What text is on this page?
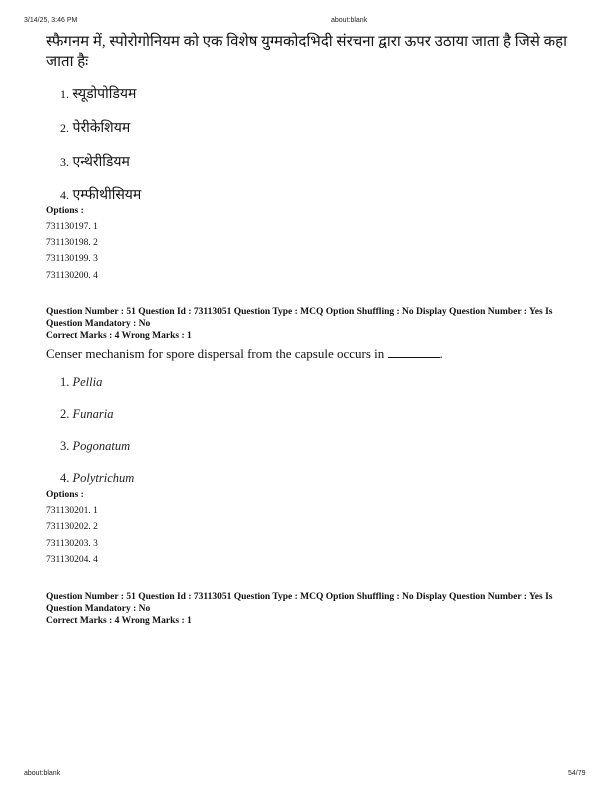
3/14/25, 3:46 PM	about:blank
स्फैगनम में, स्पोरोगोनियम को एक विशेष युग्मकोदभिदी संरचना द्वारा ऊपर उठाया जाता है जिसे कहा जाता हैः
1. स्यूडोपोडियम
2. पेरीकेशियम
3. एन्थेरीडियम
4. एम्फीथीसियम
Options :
731130197. 1
731130198. 2
731130199. 3
731130200. 4
Question Number : 51 Question Id : 73113051 Question Type : MCQ Option Shuffling : No Display Question Number : Yes Is Question Mandatory : No
Correct Marks : 4 Wrong Marks : 1
Censer mechanism for spore dispersal from the capsule occurs in	.
1. Pellia
2. Funaria
3. Pogonatum
4. Polytrichum
Options :
731130201. 1
731130202. 2
731130203. 3
731130204. 4
Question Number : 51 Question Id : 73113051 Question Type : MCQ Option Shuffling : No Display Question Number : Yes Is Question Mandatory : No
Correct Marks : 4 Wrong Marks : 1
about:blank	54/79
